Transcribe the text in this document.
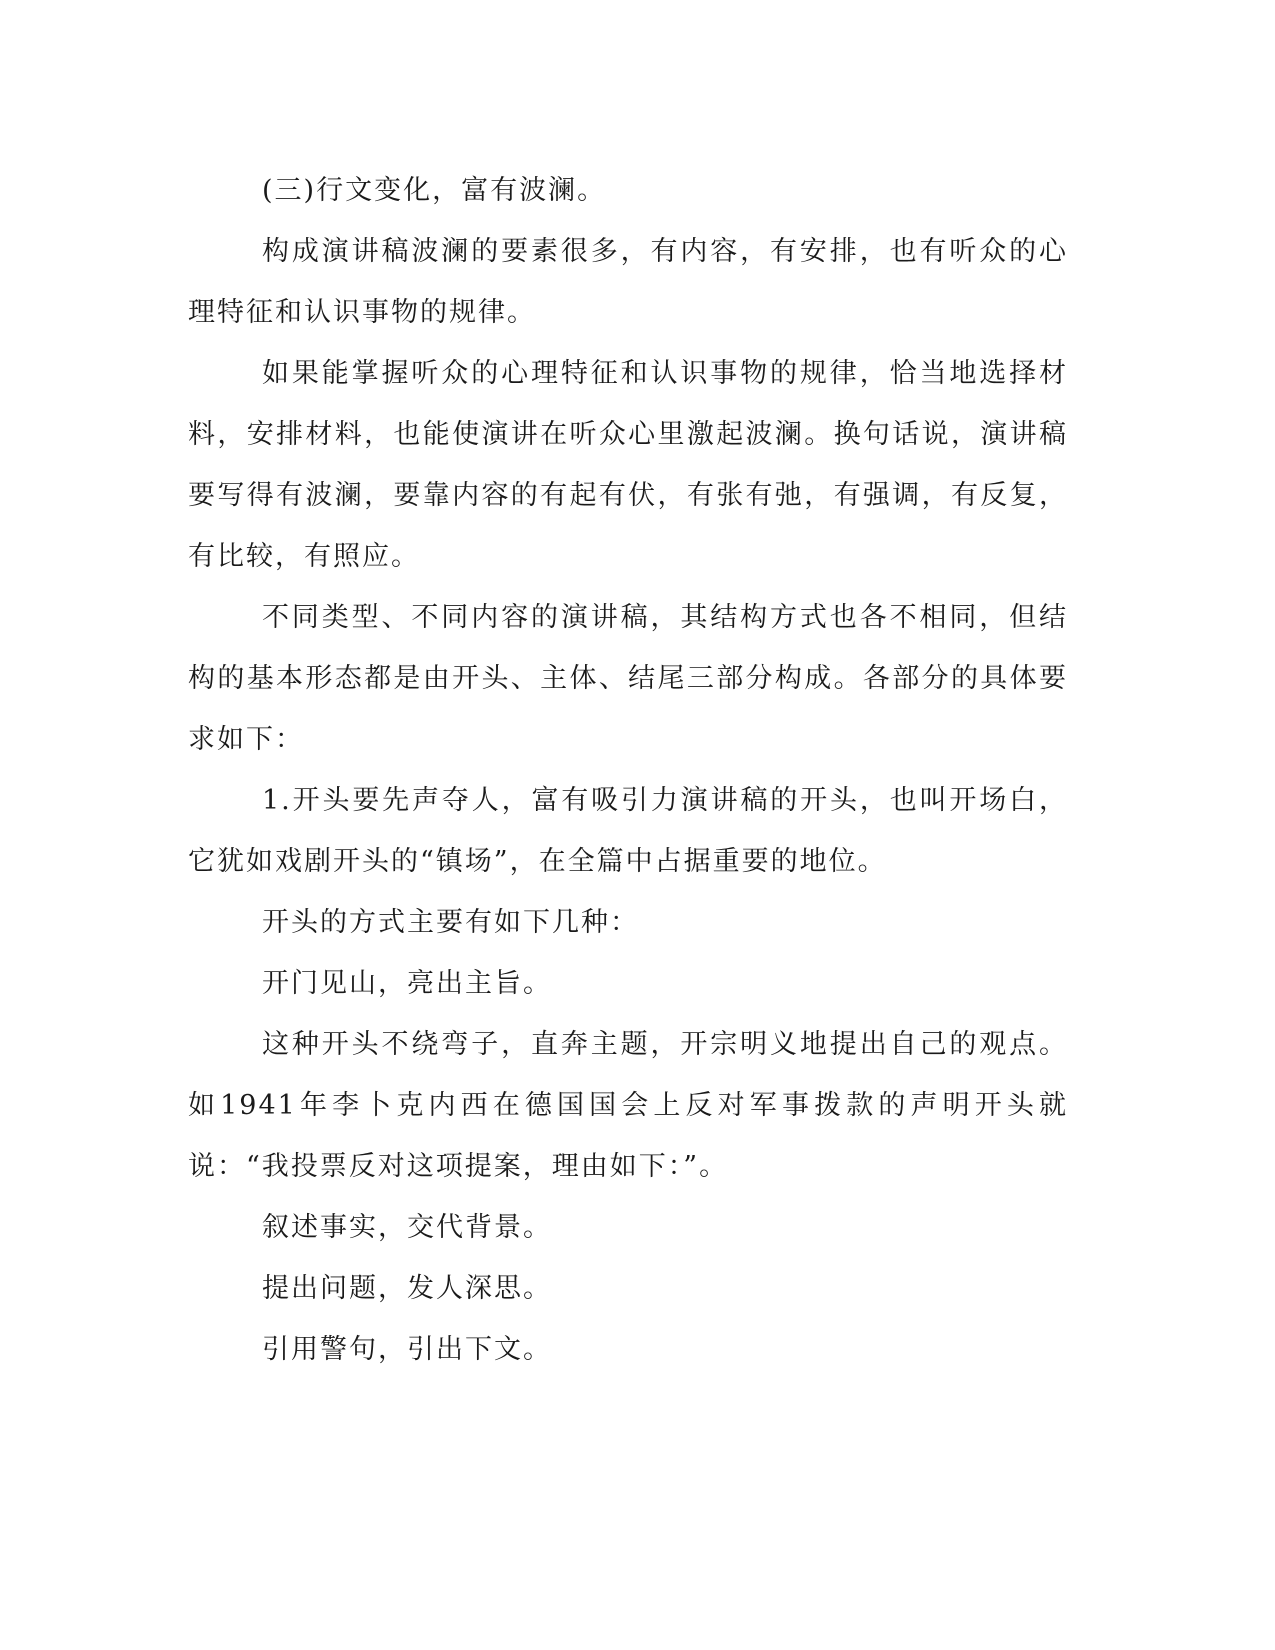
(三)行文变化，富有波澜。

构成演讲稿波澜的要素很多，有内容，有安排，也有听众的心理特征和认识事物的规律。

如果能掌握听众的心理特征和认识事物的规律，恰当地选择材料，安排材料，也能使演讲在听众心里激起波澜。换句话说，演讲稿要写得有波澜，要靠内容的有起有伏，有张有弛，有强调，有反复，有比较，有照应。

不同类型、不同内容的演讲稿，其结构方式也各不相同，但结构的基本形态都是由开头、主体、结尾三部分构成。各部分的具体要求如下：

1.开头要先声夺人，富有吸引力演讲稿的开头，也叫开场白，它犹如戏剧开头的“镇场”，在全篇中占据重要的地位。

开头的方式主要有如下几种：

开门见山，亮出主旨。

这种开头不绕弯子，直奔主题，开宗明义地提出自己的观点。如1941年李卜克内西在德国国会上反对军事拨款的声明开头就说：“我投票反对这项提案，理由如下：”。

叙述事实，交代背景。

提出问题，发人深思。

引用警句，引出下文。
